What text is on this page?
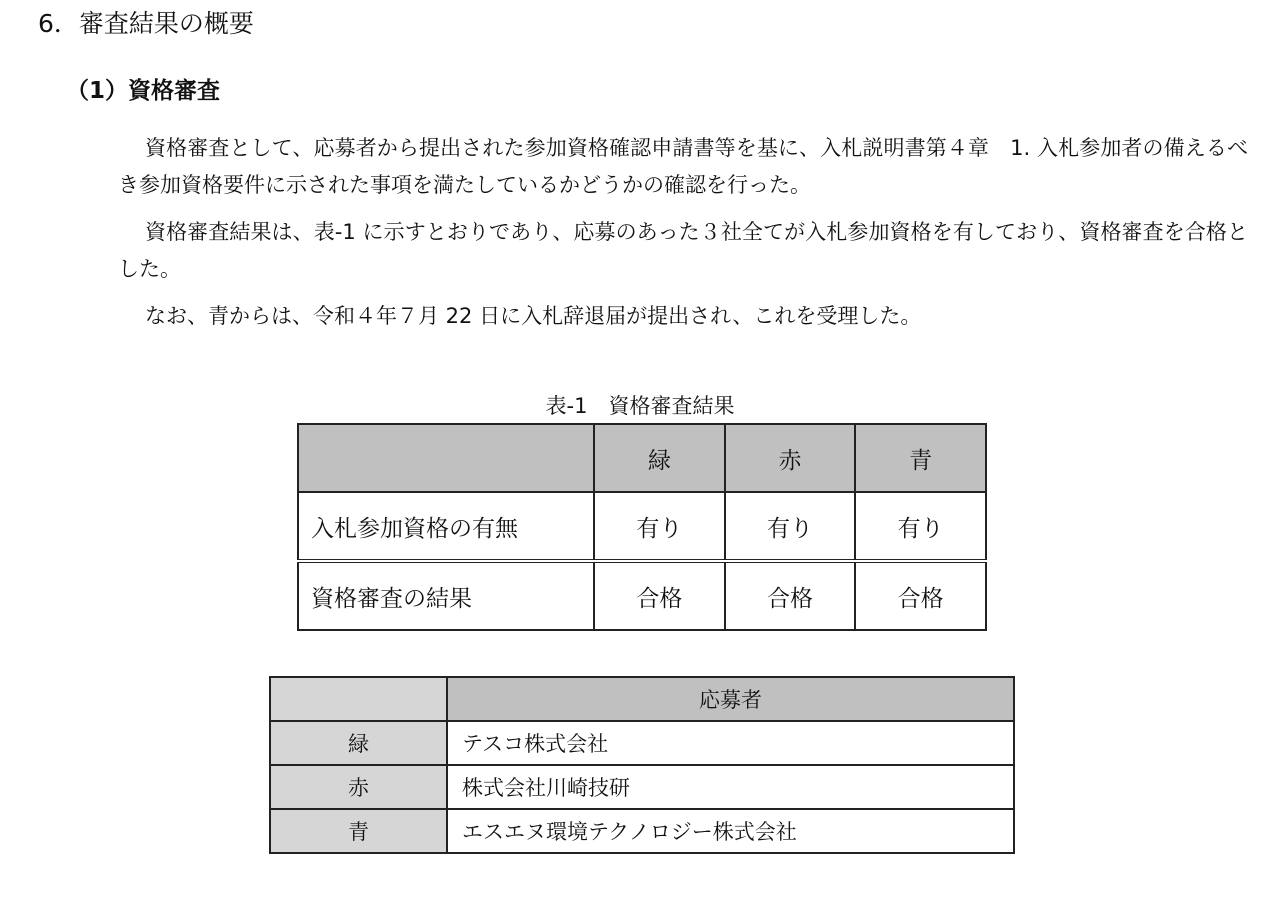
6．審査結果の概要
（1）資格審査

資格審査として、応募者から提出された参加資格確認申請書等を基に、入札説明書第４章　1. 入札参加者の備えるべき参加資格要件に示された事項を満たしているかどうかの確認を行った。

資格審査結果は、表-1 に示すとおりであり、応募のあった３社全てが入札参加資格を有しており、資格審査を合格とした。

なお、青からは、令和４年７月 22 日に入札辞退届が提出され、これを受理した。

表-1　資格審査結果
	緑	赤	青
入札参加資格の有無	有り	有り	有り
資格審査の結果	合格	合格	合格
	応募者
緑	テスコ株式会社
赤	株式会社川崎技研
青	エスエヌ環境テクノロジー株式会社
